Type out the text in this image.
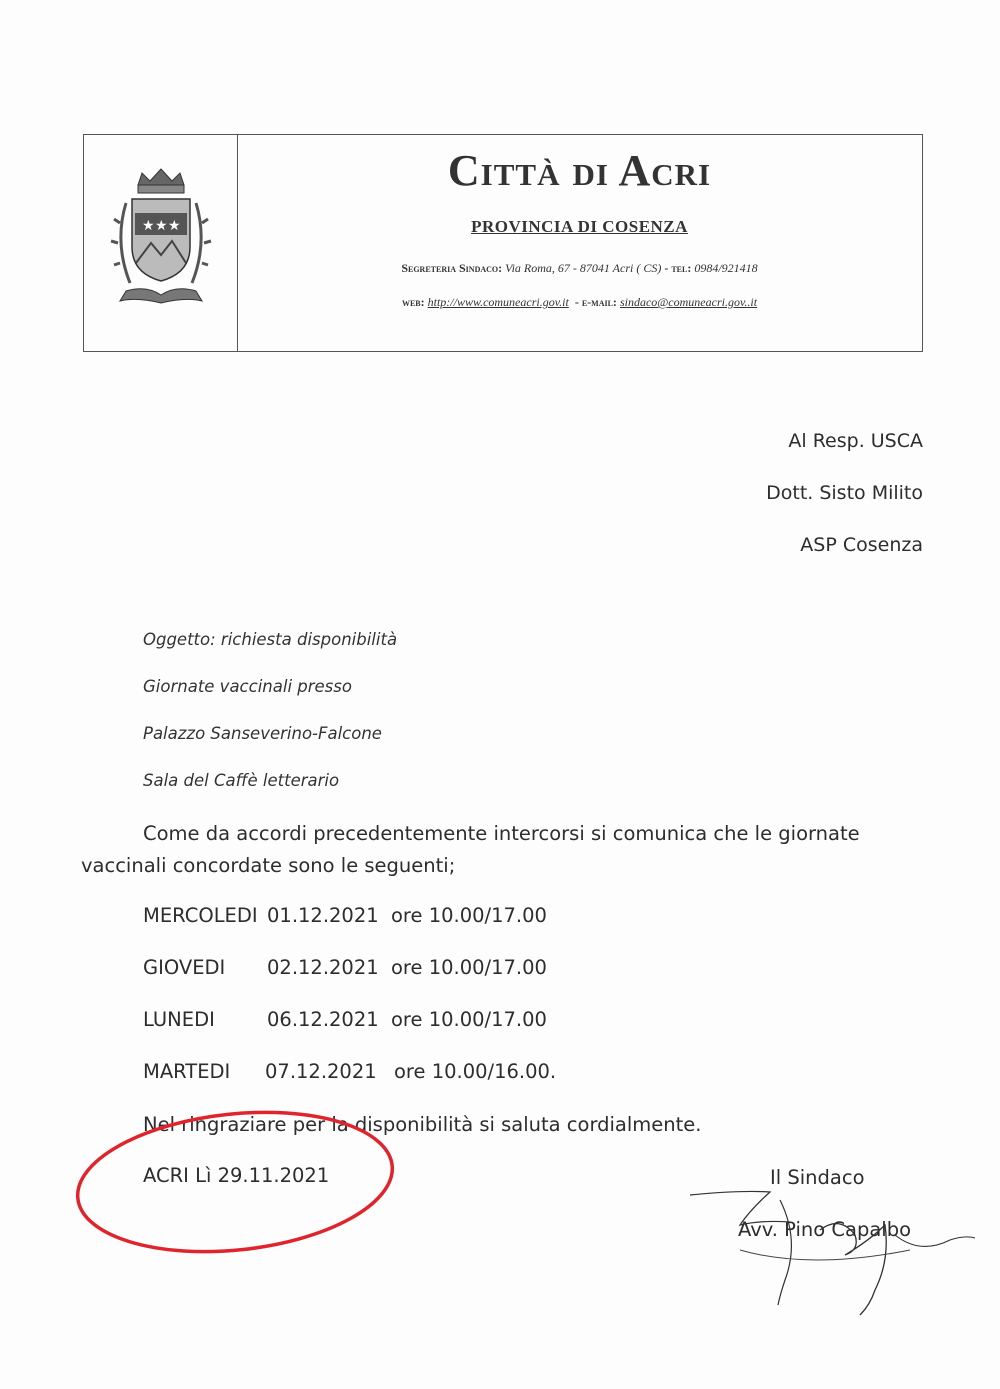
★ ★ ★
Città di Acri
PROVINCIA DI COSENZA
Segreteria Sindaco: Via Roma, 67 - 87041 Acri ( CS) - tel: 0984/921418
web: http://www.comuneacri.gov.it - e-mail: sindaco@comuneacri.gov..it
Al Resp. USCA
Dott. Sisto Milito
ASP Cosenza
Oggetto: richiesta disponibilità
Giornate vaccinali presso
Palazzo Sanseverino-Falcone
Sala del Caffè letterario
Come da accordi precedentemente intercorsi si comunica che le giornate vaccinali concordate sono le seguenti;
MERCOLEDI 01.12.2021 ore 10.00/17.00
GIOVEDI 02.12.2021 ore 10.00/17.00
LUNEDI	06.12.2021 ore 10.00/17.00
MARTEDI 07.12.2021 ore 10.00/16.00.
Nel ringraziare per la disponibilità si saluta cordialmente.
ACRI Lì 29.11.2021	Il Sindaco
Avv. Pino Capalbo
